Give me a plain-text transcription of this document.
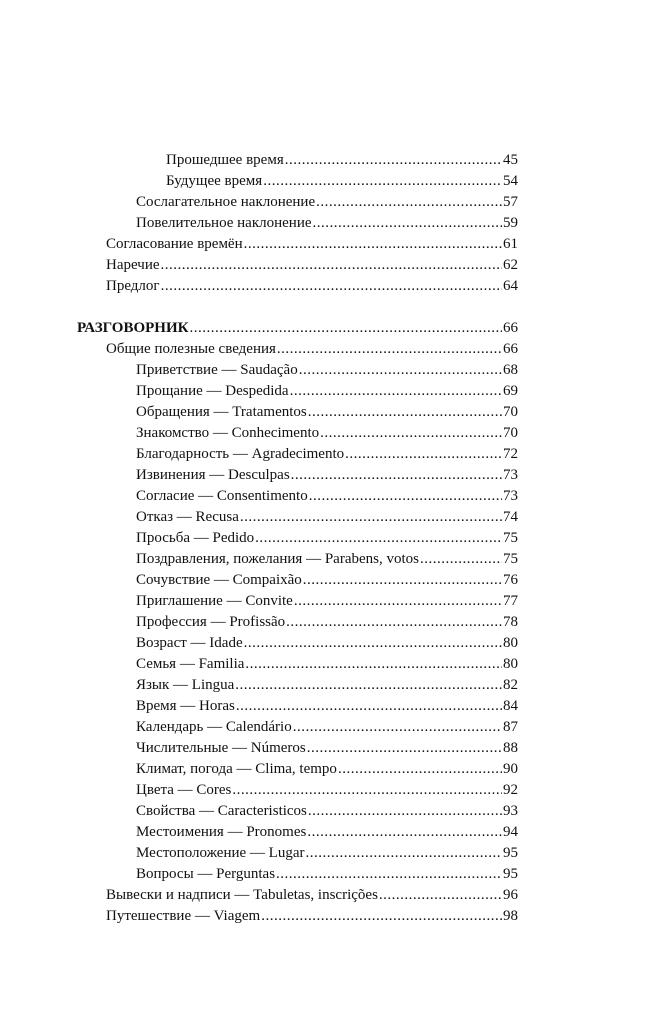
Прошедшее время .....	45
Будущее время .....	54
Сослагательное наклонение .....	57
Повелительное наклонение .....	59
Согласование времён .....	61
Наречие .....	62
Предлог .....	64
РАЗГОВОРНИК .....	66
Общие полезные сведения .....	66
Приветствие — Saudação .....	68
Прощание — Despedida .....	69
Обращения — Tratamentos .....	70
Знакомство — Conhecimento .....	70
Благодарность — Agradecimento .....	72
Извинения — Desculpas .....	73
Согласие — Consentimento .....	73
Отказ — Recusa .....	74
Просьба — Pedido .....	75
Поздравления, пожелания — Parabens, votos .....	75
Сочувствие — Compaixão .....	76
Приглашение — Convite .....	77
Профессия — Profissão .....	78
Возраст — Idade .....	80
Семья — Familia .....	80
Язык — Lingua .....	82
Время — Horas .....	84
Календарь — Calendário .....	87
Числительные — Números .....	88
Климат, погода — Clima, tempo .....	90
Цвета — Cores .....	92
Свойства — Caracteristicos .....	93
Местоимения — Pronomes .....	94
Местоположение — Lugar .....	95
Вопросы — Perguntas .....	95
Вывески и надписи — Tabuletas, inscrições .....	96
Путешествие — Viagem .....	98
